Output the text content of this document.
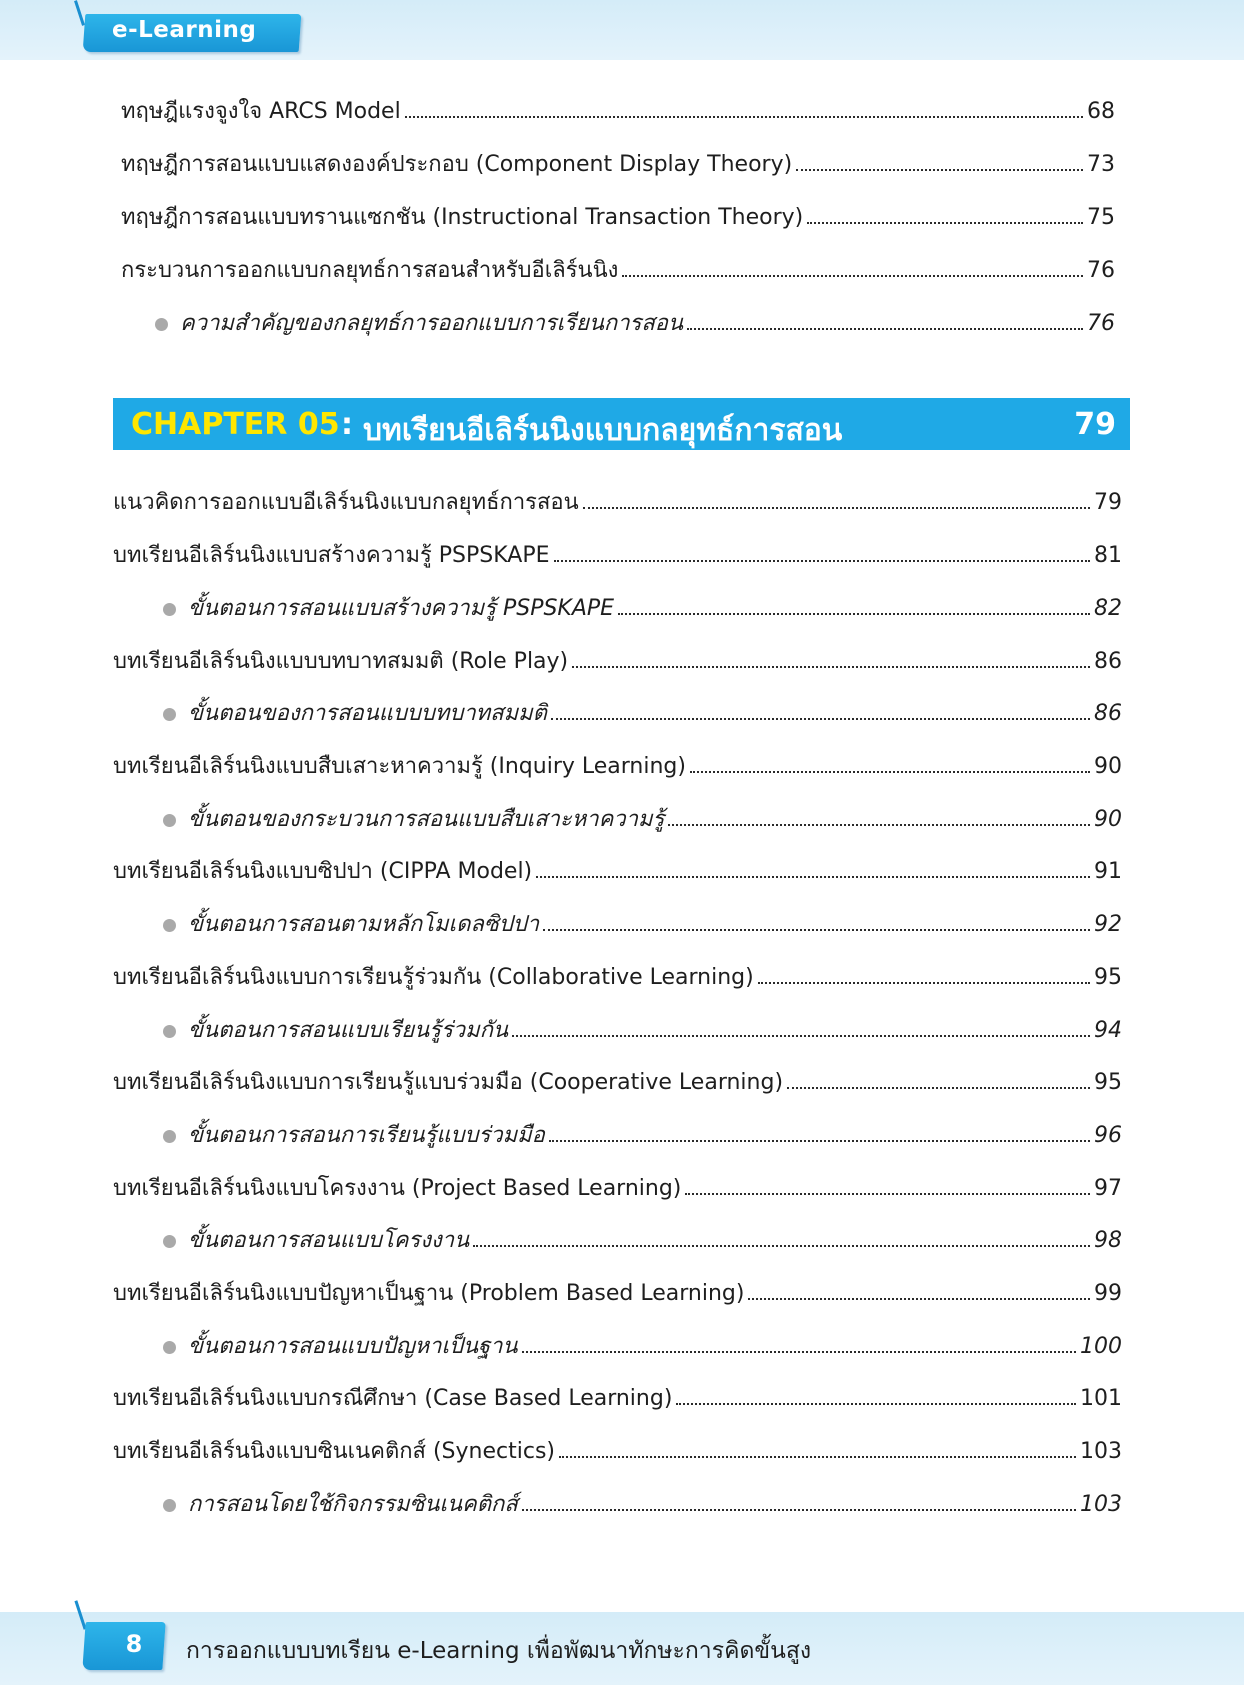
e-Learning
ทฤษฎีแรงจูงใจ ARCS Model	68
ทฤษฎีการสอนแบบแสดงองค์ประกอบ (Component Display Theory)	73
ทฤษฎีการสอนแบบทรานแซกชัน (Instructional Transaction Theory)	75
กระบวนการออกแบบกลยุทธ์การสอนสำหรับอีเลิร์นนิง	76
ความสำคัญของกลยุทธ์การออกแบบการเรียนการสอน	76
CHAPTER 05 : บทเรียนอีเลิร์นนิงแบบกลยุทธ์การสอน	79
แนวคิดการออกแบบอีเลิร์นนิงแบบกลยุทธ์การสอน	79
บทเรียนอีเลิร์นนิงแบบสร้างความรู้ PSPSKAPE	81
ขั้นตอนการสอนแบบสร้างความรู้ PSPSKAPE	82
บทเรียนอีเลิร์นนิงแบบบทบาทสมมติ (Role Play)	86
ขั้นตอนของการสอนแบบบทบาทสมมติ	86
บทเรียนอีเลิร์นนิงแบบสืบเสาะหาความรู้ (Inquiry Learning)	90
ขั้นตอนของกระบวนการสอนแบบสืบเสาะหาความรู้	90
บทเรียนอีเลิร์นนิงแบบซิปปา (CIPPA Model)	91
ขั้นตอนการสอนตามหลักโมเดลซิปปา	92
บทเรียนอีเลิร์นนิงแบบการเรียนรู้ร่วมกัน (Collaborative Learning)	95
ขั้นตอนการสอนแบบเรียนรู้ร่วมกัน	94
บทเรียนอีเลิร์นนิงแบบการเรียนรู้แบบร่วมมือ (Cooperative Learning)	95
ขั้นตอนการสอนการเรียนรู้แบบร่วมมือ	96
บทเรียนอีเลิร์นนิงแบบโครงงาน (Project Based Learning)	97
ขั้นตอนการสอนแบบโครงงาน	98
บทเรียนอีเลิร์นนิงแบบปัญหาเป็นฐาน (Problem Based Learning)	99
ขั้นตอนการสอนแบบปัญหาเป็นฐาน	100
บทเรียนอีเลิร์นนิงแบบกรณีศึกษา (Case Based Learning)	101
บทเรียนอีเลิร์นนิงแบบซินเนคติกส์ (Synectics)	103
การสอนโดยใช้กิจกรรมซินเนคติกส์	103
8	การออกแบบบทเรียน e-Learning เพื่อพัฒนาทักษะการคิดขั้นสูง
